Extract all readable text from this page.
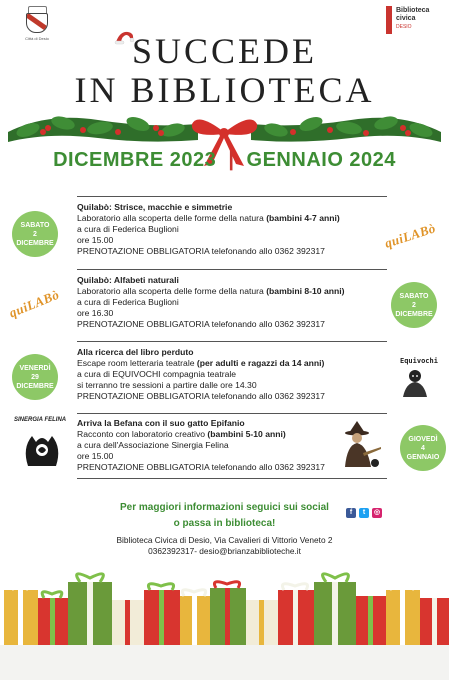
Città di Desio
Biblioteca
civica
DESIO
SUCCEDE
IN BIBLIOTECA
DICEMBRE 2023 | GENNAIO 2024
Quilabò: Strisce, macchie e simmetrie
Laboratorio alla scoperta delle forme della natura (bambini 4-7 anni)
a cura di Federica Buglioni
ore 15.00
PRENOTAZIONE OBBLIGATORIA telefonando allo 0362 392317
SABATO
2
DICEMBRE	quiLABò
Quilabò: Alfabeti naturali
Laboratorio alla scoperta delle forme della natura (bambini 8-10 anni)
a cura di Federica Buglioni
ore 16.30
PRENOTAZIONE OBBLIGATORIA telefonando allo 0362 392317
quiLABò	SABATO
2
DICEMBRE
Alla ricerca del libro perduto
Escape room letteraria teatrale (per adulti e ragazzi da 14 anni)
a cura di EQUIVOCHI compagnia teatrale
si terranno tre sessioni a partire dalle ore 14.30
PRENOTAZIONE OBBLIGATORIA telefonando allo 0362 392317
VENERDÌ
29
DICEMBRE
Equivochi
Arriva la Befana con il suo gatto Epifanio
Racconto con laboratorio creativo (bambini 5-10 anni)
a cura dell'Associazione Sinergia Felina
ore 15.00
PRENOTAZIONE OBBLIGATORIA telefonando allo 0362 392317
SINERGIA FELINA
GIOVEDÌ
4
GENNAIO
Per maggiori informazioni seguici sui social	f t ◎
o passa in biblioteca!
Biblioteca Civica di Desio, Via Cavalieri di Vittorio Veneto 2
0362392317- desio@brianzabiblioteche.it
